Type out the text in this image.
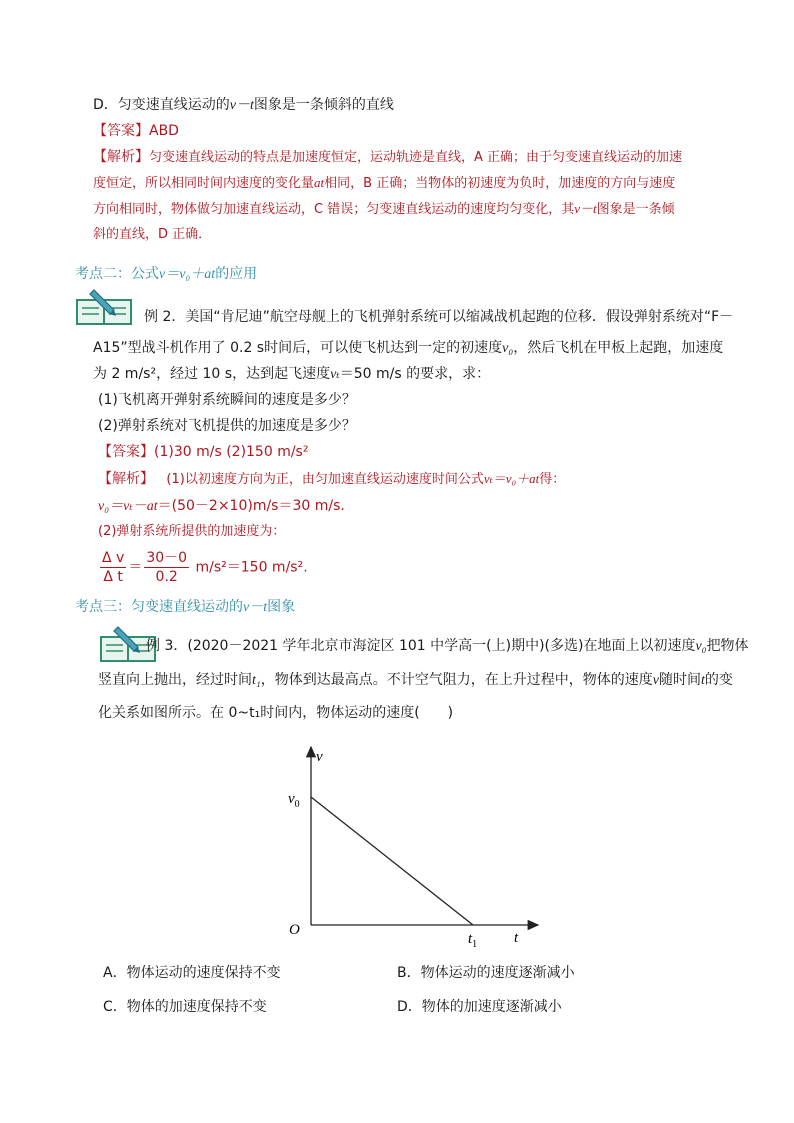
D．匀变速直线运动的v－t图象是一条倾斜的直线
【答案】ABD
【解析】匀变速直线运动的特点是加速度恒定，运动轨迹是直线，A 正确；由于匀变速直线运动的加速
度恒定，所以相同时间内速度的变化量at相同，B 正确；当物体的初速度为负时，加速度的方向与速度
方向相同时，物体做匀加速直线运动，C 错误；匀变速直线运动的速度均匀变化，其v－t图象是一条倾
斜的直线，D 正确．
考点二：公式v＝v₀＋at的应用
例 2．美国“肯尼迪”航空母舰上的飞机弹射系统可以缩减战机起跑的位移．假设弹射系统对“F－
A15”型战斗机作用了 0.2 s时间后，可以使飞机达到一定的初速度v₀，然后飞机在甲板上起跑，加速度
为 2 m/s²，经过 10 s，达到起飞速度vₜ＝50 m/s 的要求，求：
(1)飞机离开弹射系统瞬间的速度是多少？
(2)弹射系统对飞机提供的加速度是多少？
【答案】(1)30 m/s (2)150 m/s²
【解析】 (1)以初速度方向为正，由匀加速直线运动速度时间公式vₜ＝v₀＋at得：
v₀＝vₜ－at＝(50－2×10)m/s＝30 m/s.
(2)弹射系统所提供的加速度为：
$\frac{\text{Δ v}}{\text{Δ t}} = \frac{30-0}{0.2} m/s^2=150$ m/s².
考点三：匀变速直线运动的v－t图象
例 3．(2020－2021 学年北京市海淀区 101 中学高一(上)期中)(多选)在地面上以初速度v₀把物体
竖直向上抛出，经过时间t₁，物体到达最高点。不计空气阻力，在上升过程中，物体的速度v随时间t的变
化关系如图所示。在 0~t₁时间内，物体运动的速度(　　)
v
t
O
$v_0$
$t_1$
A．物体运动的速度保持不变	B．物体运动的速度逐渐减小
C．物体的加速度保持不变	D．物体的加速度逐渐减小
